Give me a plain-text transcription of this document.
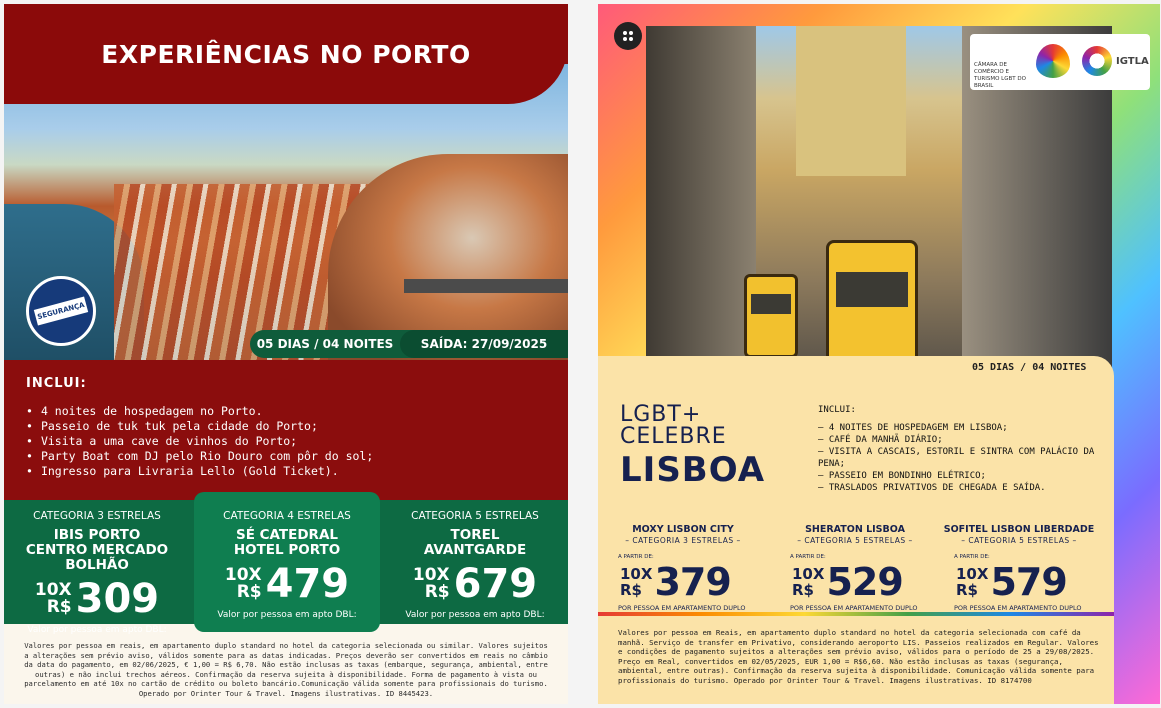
EXPERIÊNCIAS NO PORTO
SEGURANÇA
05 DIAS / 04 NOITES	SAÍDA: 27/09/2025
INCLUI:
• 4 noites de hospedagem no Porto.
• Passeio de tuk tuk pela cidade do Porto;
• Visita a uma cave de vinhos do Porto;
• Party Boat com DJ pelo Rio Douro com pôr do sol;
• Ingresso para Livraria Lello (Gold Ticket).
CATEGORIA 3 ESTRELAS
IBIS PORTO CENTRO MERCADO BOLHÃO
10X
R$ 309
Valor por pessoa em apto DBL:
CATEGORIA 4 ESTRELAS
SÉ CATEDRAL HOTEL PORTO
10X
R$ 479
Valor por pessoa em apto DBL:
CATEGORIA 5 ESTRELAS
TOREL AVANTGARDE
10X
R$ 679
Valor por pessoa em apto DBL:
Valores por pessoa em reais, em apartamento duplo standard no hotel da categoria selecionada ou similar. Valores sujeitos a alterações sem prévio aviso, válidos somente para as datas indicadas. Preços deverão ser convertidos em reais no câmbio da data do pagamento, em 02/06/2025, € 1,00 = R$ 6,70. Não estão inclusas as taxas (embarque, segurança, ambiental, entre outras) e não inclui trechos aéreos. Confirmação da reserva sujeita à disponibilidade. Forma de pagamento à vista ou parcelamento em até 10x no cartão de crédito ou boleto bancário.Comunicação válida somente para profissionais do turismo. Operado por Orinter Tour & Travel. Imagens ilustrativas. ID 8445423.
CÂMARA DE COMÉRCIO E TURISMO LGBT DO BRASIL
IGTLA
05 DIAS / 04 NOITES
LGBT+ CELEBRE
LISBOA
INCLUI:
– 4 NOITES DE HOSPEDAGEM EM LISBOA;
– CAFÉ DA MANHÃ DIÁRIO;
– VISITA A CASCAIS, ESTORIL E SINTRA COM PALÁCIO DA PENA;
– PASSEIO EM BONDINHO ELÉTRICO;
– TRASLADOS PRIVATIVOS DE CHEGADA E SAÍDA.
MOXY LISBON CITY
– CATEGORIA 3 ESTRELAS –
A PARTIR DE:
10X
R$ 379
POR PESSOA EM APARTAMENTO DUPLO
SHERATON LISBOA
– CATEGORIA 5 ESTRELAS –
A PARTIR DE:
10X
R$ 529
POR PESSOA EM APARTAMENTO DUPLO
SOFITEL LISBON LIBERDADE
– CATEGORIA 5 ESTRELAS –
A PARTIR DE:
10X
R$ 579
POR PESSOA EM APARTAMENTO DUPLO
Valores por pessoa em Reais, em apartamento duplo standard no hotel da categoria selecionada com café da manhã. Serviço de transfer em Privativo, considerando aeroporto LIS. Passeios realizados em Regular. Valores e condições de pagamento sujeitos a alterações sem prévio aviso, válidos para o período de 25 a 29/08/2025. Preço em Real, convertidos em 02/05/2025, EUR 1,00 = R$6,60. Não estão inclusas as taxas (segurança, ambiental, entre outras). Confirmação da reserva sujeita à disponibilidade. Comunicação válida somente para profissionais do turismo. Operado por Orinter Tour & Travel. Imagens ilustrativas. ID 8174700
